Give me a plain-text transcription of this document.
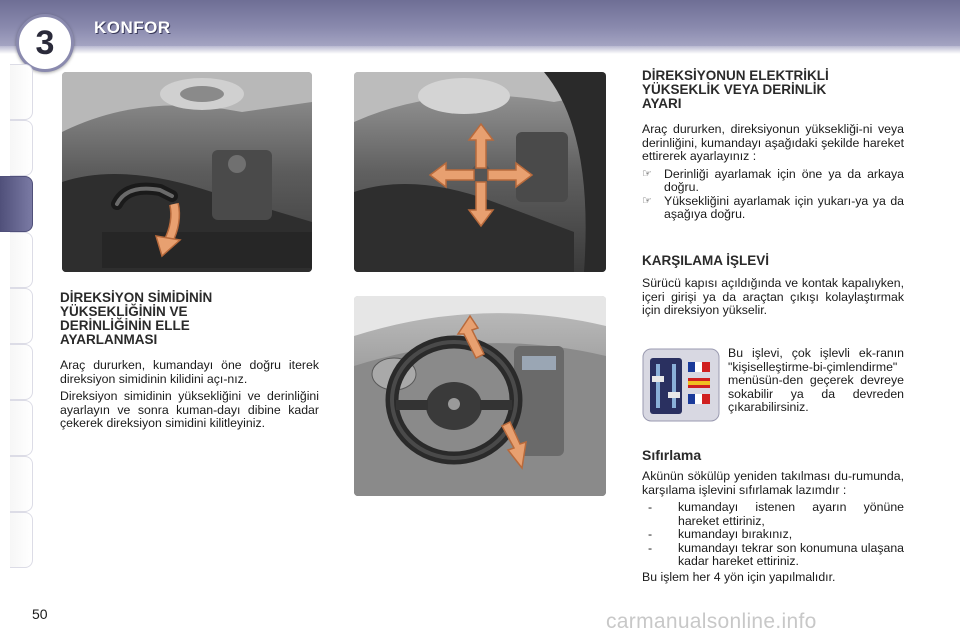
3	KONFOR
DİREKSİYON SİMİDİNİN
YÜKSEKLİĞİNİN VE
DERİNLİĞİNİN ELLE
AYARLANMASI

Araç dururken, kumandayı öne doğru iterek direksiyon simidinin kilidini açı-nız.

Direksiyon simidinin yüksekliğini ve derinliğini ayarlayın ve sonra kuman-dayı dibine kadar çekerek direksiyon simidini kilitleyiniz.

DİREKSİYONUN ELEKTRİKLİ
YÜKSEKLİK VEYA DERİNLİK
AYARI

Araç dururken, direksiyonun yüksekliği-ni veya derinliğini, kumandayı aşağıdaki şekilde hareket ettirerek ayarlayınız :

☞ Derinliği ayarlamak için öne ya da arkaya doğru.
☞ Yüksekliğini ayarlamak için yukarı-ya ya da aşağıya doğru.
KARŞILAMA İŞLEVİ
Sürücü kapısı açıldığında ve kontak kapalıyken, içeri girişi ya da araçtan çıkışı kolaylaştırmak için direksiyon yükselir.
Bu işlevi, çok işlevli ek-ranın "kişiselleştirme-bi-çimlendirme" menüsün-den geçerek devreye sokabilir ya da devreden çıkarabilirsiniz.
Sıfırlama

Akünün sökülüp yeniden takılması du-rumunda, karşılama işlevini sıfırlamak lazımdır :

-	kumandayı istenen ayarın yönüne hareket ettiriniz,
-	kumandayı bırakınız,
-	kumandayı tekrar son konumuna ulaşana kadar hareket ettiriniz.

Bu işlem her 4 yön için yapılmalıdır.

50	carmanualsonline.info
